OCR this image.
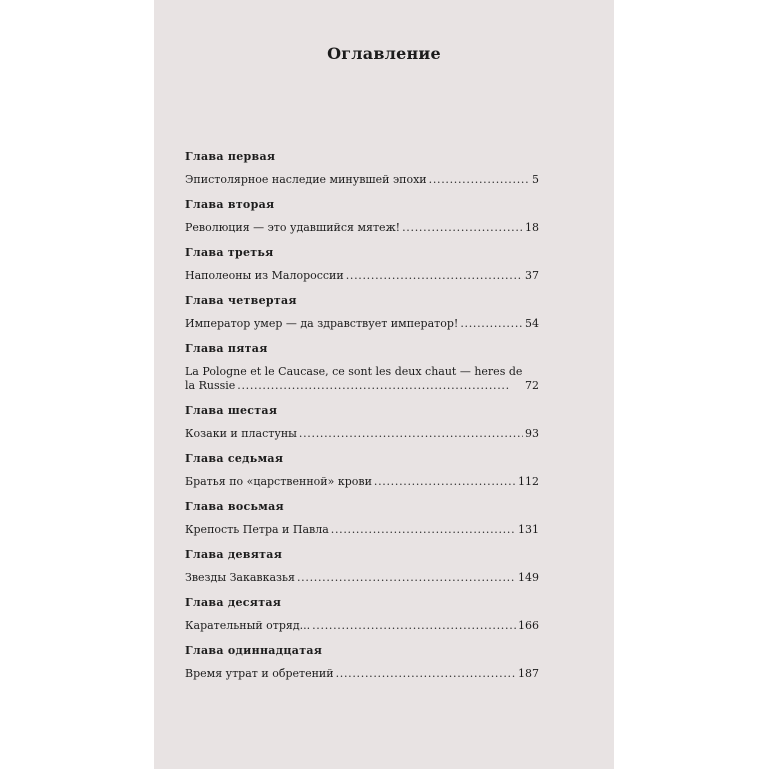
Оглавление
Глава первая
Эпистолярное наследие минувшей эпохи . . .	5
Глава вторая
Революция — это удавшийся мятеж! . . .	18
Глава третья
Наполеоны из Малороссии . . .	37
Глава четвертая
Император умер — да здравствует император! . . .	54
Глава пятая
La Pologne et le Caucase, ce sont les deux chaut — heres de
la Russie . . .	72
Глава шестая
Козаки и пластуны . . .	93
Глава седьмая
Братья по «царственной» крови . . .	112
Глава восьмая
Крепость Петра и Павла . . .	131
Глава девятая
Звезды Закавказья . . .	149
Глава десятая
Карательный отряд... . . .	166
Глава одиннадцатая
Время утрат и обретений . . .	187
